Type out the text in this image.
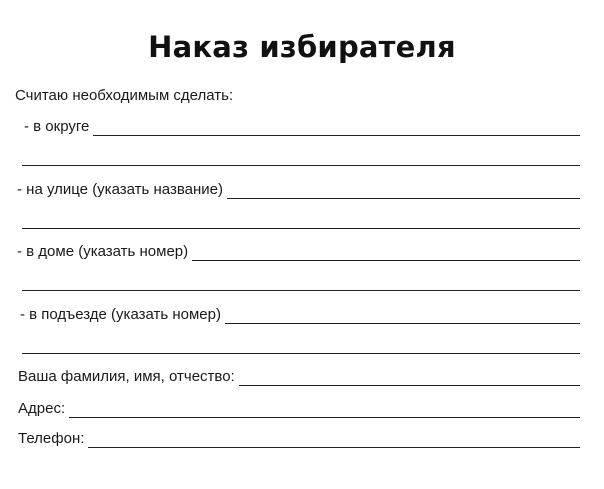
Наказ избирателя
Считаю необходимым сделать:
- в округе
- на улице (указать название)
- в доме (указать номер)
- в подъезде (указать номер)
Ваша фамилия, имя, отчество:
Адрес:
Телефон:
